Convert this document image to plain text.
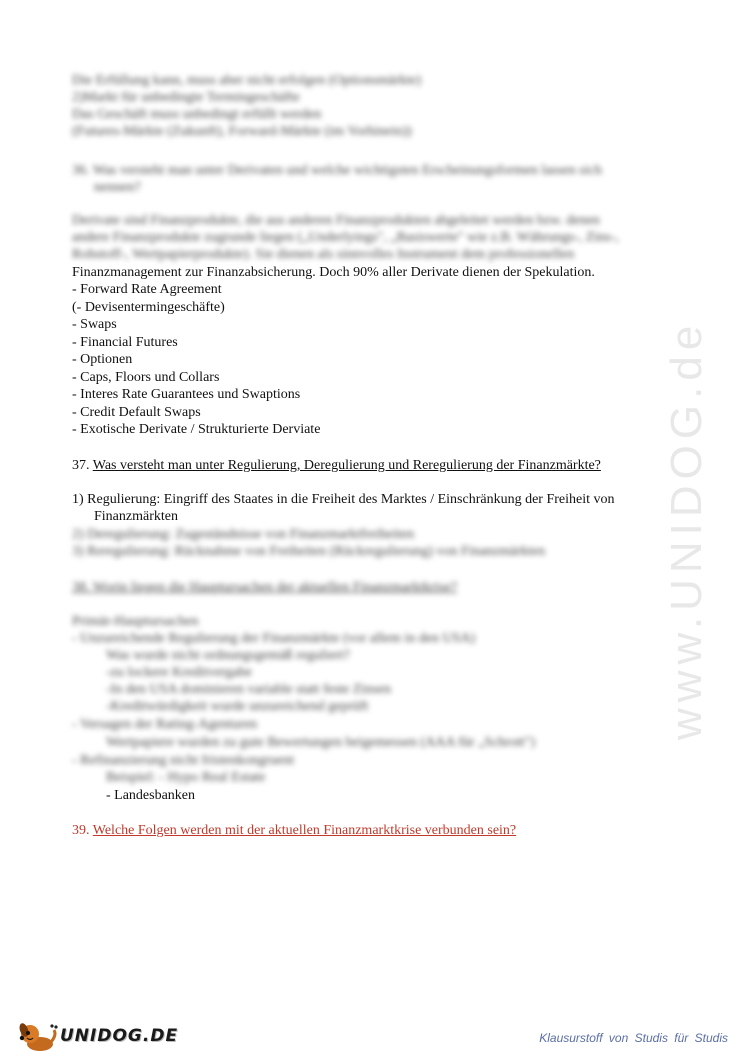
www.UNIDOG.de
Die Erfüllung kann, muss aber nicht erfolgen (Optionsmärkte)
2)Markt für unbedingte Termingeschäfte
Das Geschäft muss unbedingt erfüllt werden
(Futures-Märkte (Zukunft), Forward-Märkte (im Vorhinein))
36. Was versteht man unter Derivaten und welche wichtigsten Erscheinungsformen lassen sich
nennen?
Derivate sind Finanzprodukte, die aus anderen Finanzprodukten abgeleitet werden bzw. denen
andere Finanzprodukte zugrunde liegen („Underlyings", „Basiswerte" wie z.B. Währungs-, Zins-,
Rohstoff-, Wertpapierprodukte). Sie dienen als sinnvolles Instrument dem professionellen
Finanzmanagement zur Finanzabsicherung. Doch 90% aller Derivate dienen der Spekulation.
- Forward Rate Agreement
(- Devisentermingeschäfte)
- Swaps
- Financial Futures
- Optionen
- Caps, Floors und Collars
- Interes Rate Guarantees und Swaptions
- Credit Default Swaps
- Exotische Derivate / Strukturierte Derviate
37. Was versteht man unter Regulierung, Deregulierung und Reregulierung der Finanzmärkte?
1) Regulierung: Eingriff des Staates in die Freiheit des Marktes / Einschränkung der Freiheit von
Finanzmärkten
2) Deregulierung: Zugeständnisse von Finanzmarktfreiheiten
3) Reregulierung: Rücknahme von Freiheiten (Rückregulierung) von Finanzmärkten
38. Worin liegen die Hauptursachen der aktuellen Finanzmarktkrise?
Primär-Hauptursachen
- Unzureichende Regulierung der Finanzmärkte (vor allem in den USA)
Was wurde nicht ordnungsgemäß reguliert?
-zu lockere Kreditvergabe
-In den USA dominieren variable statt feste Zinsen
-Kreditwürdigkeit wurde unzureichend geprüft
- Versagen der Rating-Agenturen
Wertpapiere wurden zu gute Bewertungen beigemessen (AAA für „Schrott")
- Refinanzierung nicht fristenkongruent
Beispiel: - Hypo Real Estate
- Landesbanken
39. Welche Folgen werden mit der aktuellen Finanzmarktkrise verbunden sein?
UNIDOG.DE	Klausurstoff von Studis für Studis
